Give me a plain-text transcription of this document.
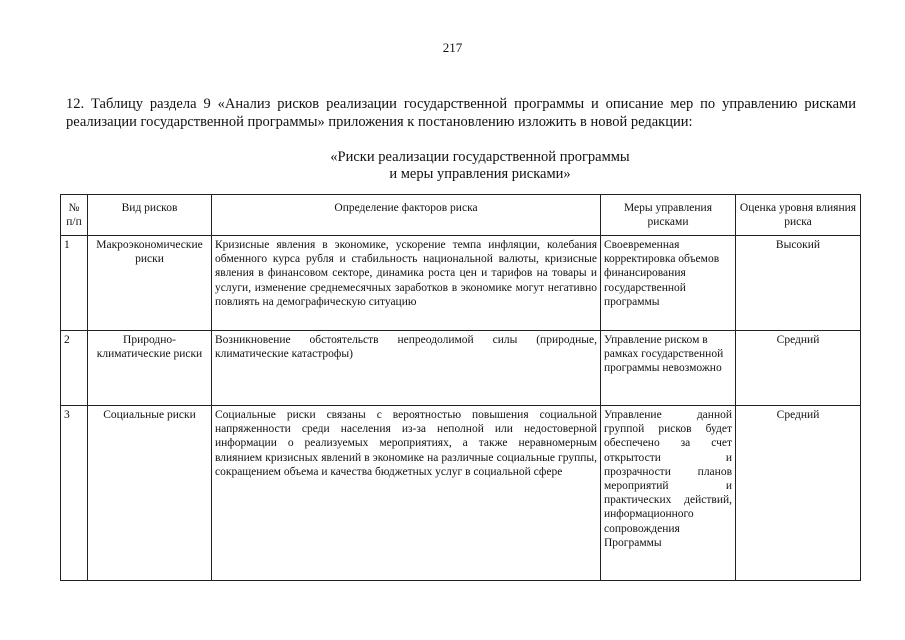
217
12. Таблицу раздела 9 «Анализ рисков реализации государственной программы и описание мер по управлению рисками реализации государственной программы» приложения к постановлению изложить в новой редакции:
«Риски реализации государственной программы
и меры управления рисками»
№ п/п	Вид рисков	Определение факторов риска	Меры управления рисками	Оценка уровня влияния риска
1	Макроэкономические риски	Кризисные явления в экономике, ускорение темпа инфляции, колебания обменного курса рубля и стабильность национальной валюты, кризисные явления в финансовом секторе, динамика роста цен и тарифов на товары и услуги, изменение среднемесячных заработков в экономике могут негативно повлиять на демографическую ситуацию	Своевременная корректировка объемов финансирования государственной программы	Высокий
2	Природно-климатические риски	Возникновение обстоятельств непреодолимой силы (природные, климатические катастрофы)	Управление риском в рамках государственной программы невозможно	Средний
3	Социальные риски	Социальные риски связаны с вероятностью повышения социальной напряженности среди населения из-за неполной или недостоверной информации о реализуемых мероприятиях, а также неравномерным влиянием кризисных явлений в экономике на различные социальные группы, сокращением объема и качества бюджетных услуг в социальной сфере	Управление данной группой рисков будет обеспечено за счет открытости и прозрачности планов мероприятий и практических действий, информационного сопровождения Программы	Средний
